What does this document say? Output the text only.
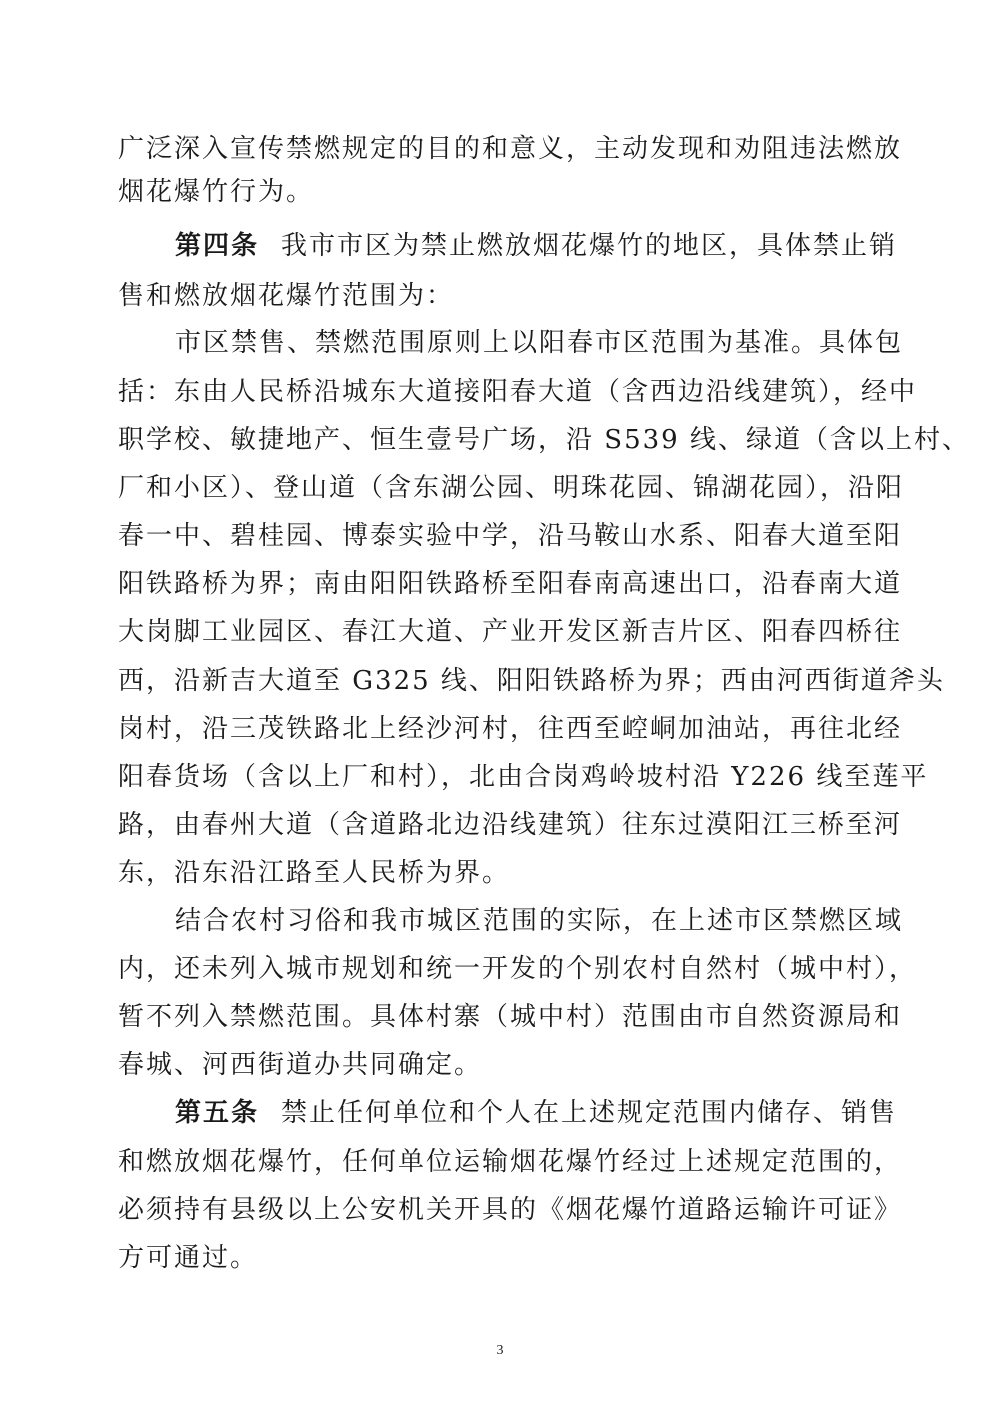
广泛深入宣传禁燃规定的目的和意义，主动发现和劝阻违法燃放
烟花爆竹行为。
第四条 我市市区为禁止燃放烟花爆竹的地区，具体禁止销
售和燃放烟花爆竹范围为：
市区禁售、禁燃范围原则上以阳春市区范围为基准。具体包
括：东由人民桥沿城东大道接阳春大道（含西边沿线建筑），经中
职学校、敏捷地产、恒生壹号广场，沿 S539 线、绿道（含以上村、
厂和小区）、登山道（含东湖公园、明珠花园、锦湖花园），沿阳
春一中、碧桂园、博泰实验中学，沿马鞍山水系、阳春大道至阳
阳铁路桥为界；南由阳阳铁路桥至阳春南高速出口，沿春南大道
大岗脚工业园区、春江大道、产业开发区新吉片区、阳春四桥往
西，沿新吉大道至 G325 线、阳阳铁路桥为界；西由河西街道斧头
岗村，沿三茂铁路北上经沙河村，往西至崆峒加油站，再往北经
阳春货场（含以上厂和村），北由合岗鸡岭坡村沿 Y226 线至莲平
路，由春州大道（含道路北边沿线建筑）往东过漠阳江三桥至河
东，沿东沿江路至人民桥为界。
结合农村习俗和我市城区范围的实际，在上述市区禁燃区域
内，还未列入城市规划和统一开发的个别农村自然村（城中村），
暂不列入禁燃范围。具体村寨（城中村）范围由市自然资源局和
春城、河西街道办共同确定。
第五条 禁止任何单位和个人在上述规定范围内储存、销售
和燃放烟花爆竹，任何单位运输烟花爆竹经过上述规定范围的，
必须持有县级以上公安机关开具的《烟花爆竹道路运输许可证》
方可通过。
3
